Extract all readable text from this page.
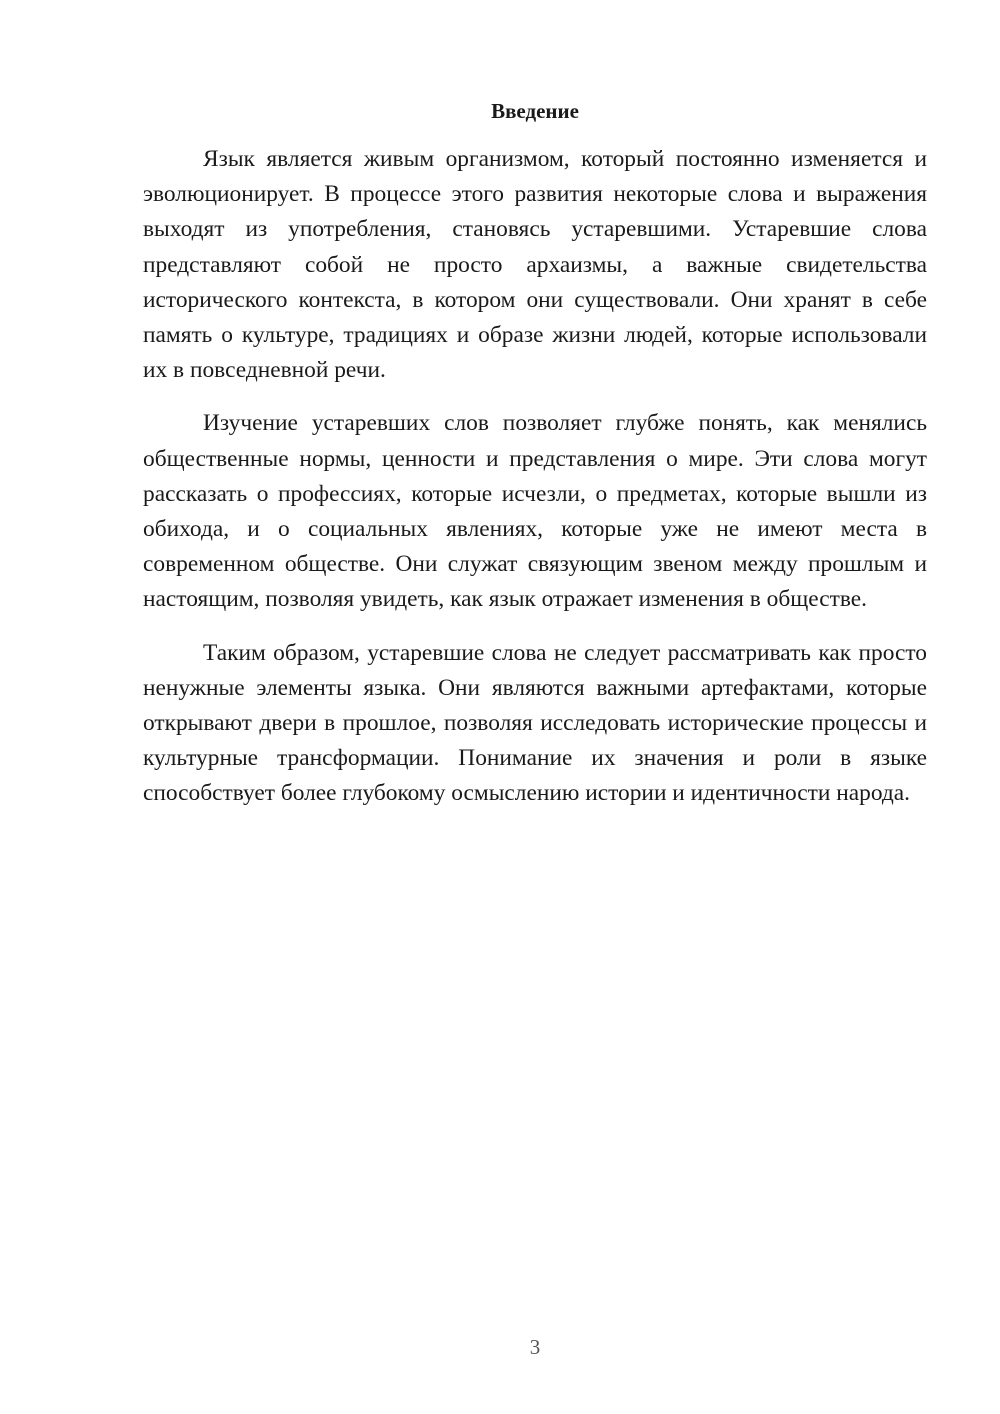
Введение

Язык является живым организмом, который постоянно изменяется и эволюционирует. В процессе этого развития некоторые слова и выражения выходят из употребления, становясь устаревшими. Устаревшие слова представляют собой не просто архаизмы, а важные свидетельства исторического контекста, в котором они существовали. Они хранят в себе память о культуре, традициях и образе жизни людей, которые использовали их в повседневной речи.

Изучение устаревших слов позволяет глубже понять, как менялись общественные нормы, ценности и представления о мире. Эти слова могут рассказать о профессиях, которые исчезли, о предметах, которые вышли из обихода, и о социальных явлениях, которые уже не имеют места в современном обществе. Они служат связующим звеном между прошлым и настоящим, позволяя увидеть, как язык отражает изменения в обществе.

Таким образом, устаревшие слова не следует рассматривать как просто ненужные элементы языка. Они являются важными артефактами, которые открывают двери в прошлое, позволяя исследовать исторические процессы и культурные трансформации. Понимание их значения и роли в языке способствует более глубокому осмыслению истории и идентичности народа.

3
